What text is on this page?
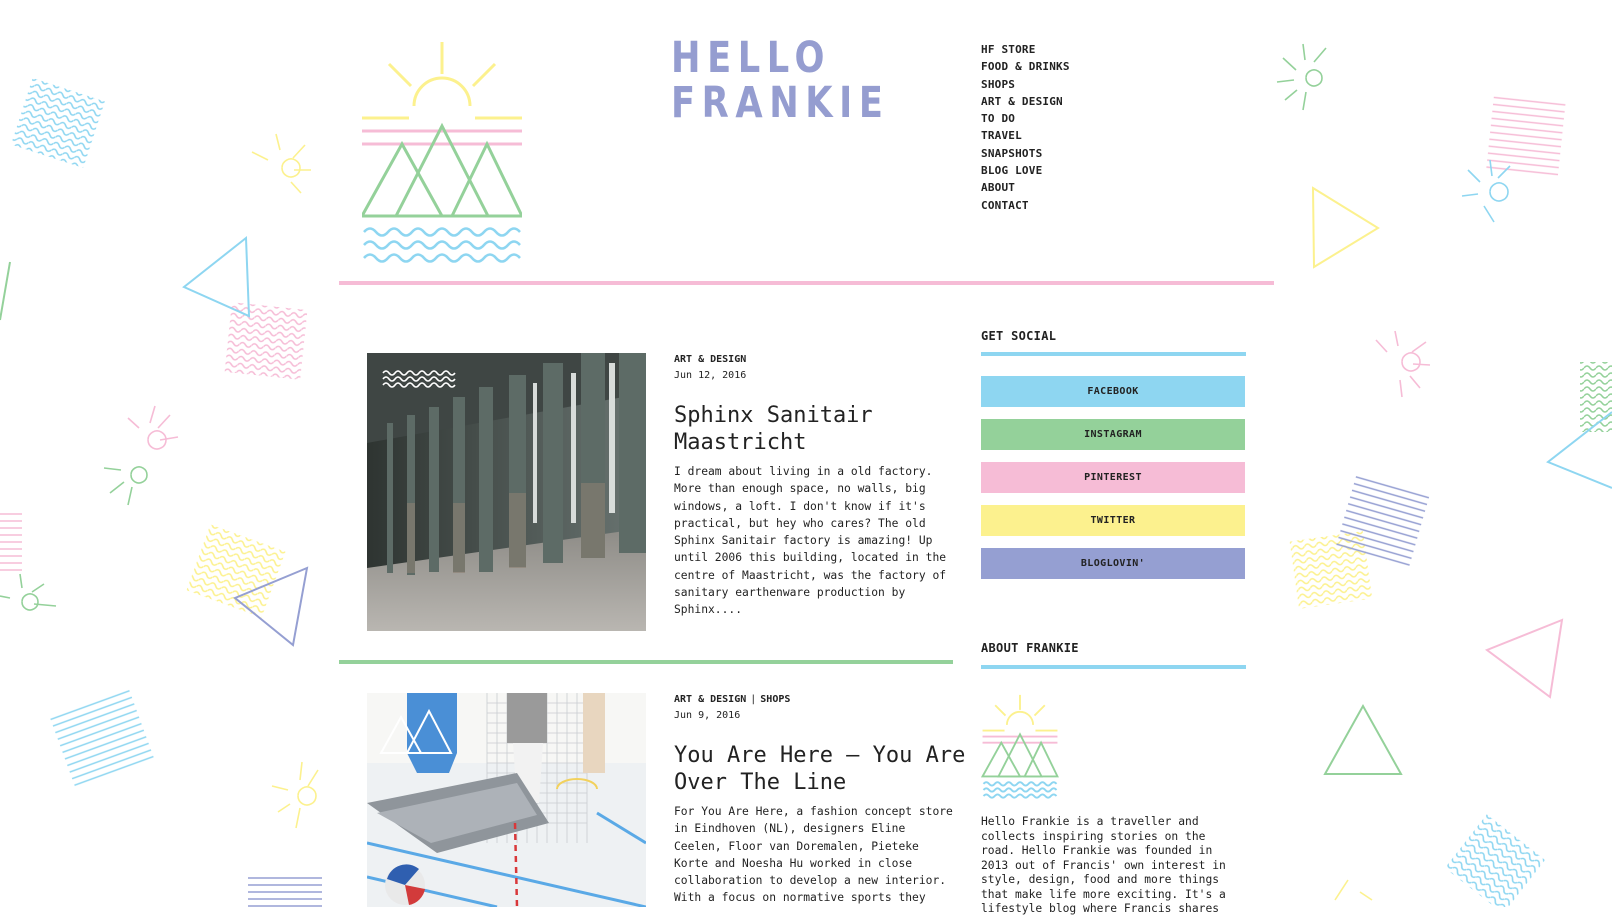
HELLO
FRANKIE
HF STORE
FOOD & DRINKS
SHOPS
ART & DESIGN
TO DO
TRAVEL
SNAPSHOTS
BLOG LOVE
ABOUT
CONTACT
ART & DESIGN
Jun 12, 2016
Sphinx Sanitair Maastricht
I dream about living in a old factory. More than enough space, no walls, big windows, a loft. I don't know if it's practical, but hey who cares? The old Sphinx Sanitair factory is amazing! Up until 2006 this building, located in the centre of Maastricht, was the factory of sanitary earthenware production by Sphinx....
ART & DESIGN | SHOPS
Jun 9, 2016
You Are Here – You Are Over The Line
For You Are Here, a fashion concept store in Eindhoven (NL), designers Eline Ceelen, Floor van Doremalen, Pieteke Korte and Noesha Hu worked in close collaboration to develop a new interior. With a focus on normative sports they
GET SOCIAL
FACEBOOK
INSTAGRAM
PINTEREST
TWITTER
BLOGLOVIN'
ABOUT FRANKIE
Hello Frankie is a traveller and collects inspiring stories on the road. Hello Frankie was founded in 2013 out of Francis' own interest in style, design, food and more things that make life more exciting. It's a lifestyle blog where Francis shares
